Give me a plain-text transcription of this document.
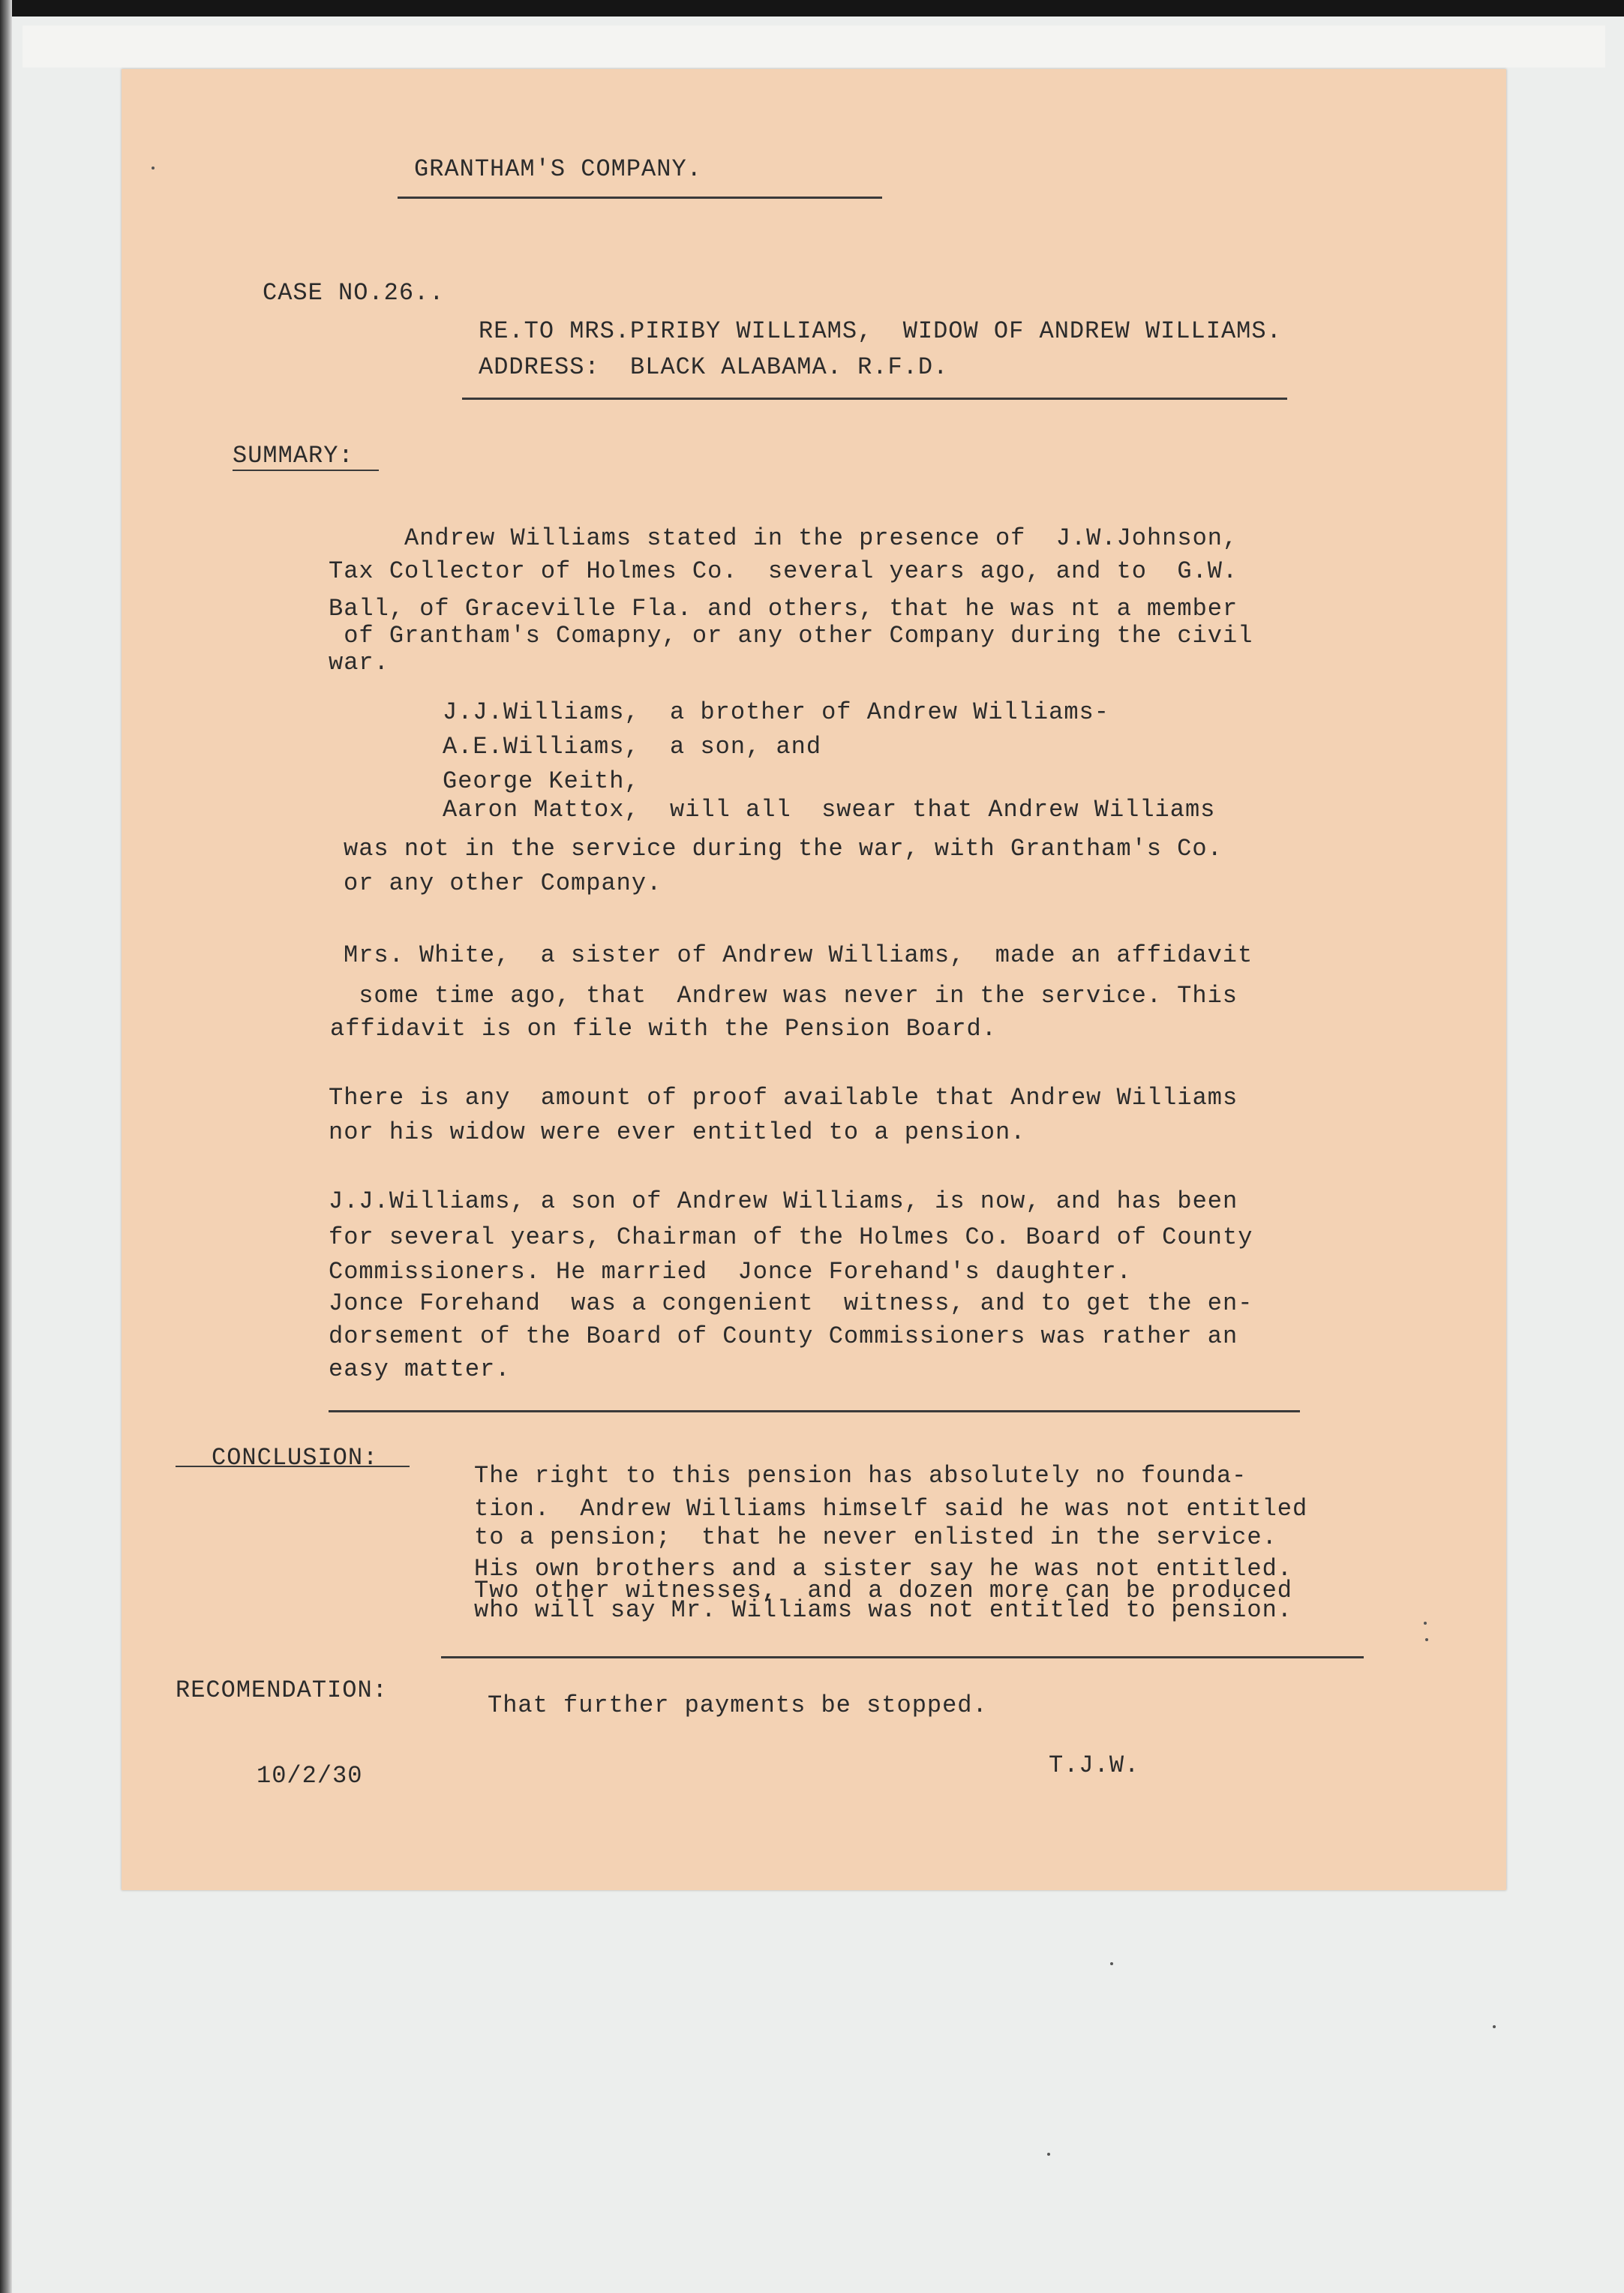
GRANTHAM'S COMPANY.
CASE NO.26..
RE.TO MRS.PIRIBY WILLIAMS,  WIDOW OF ANDREW WILLIAMS.
ADDRESS:  BLACK ALABAMA. R.F.D.
SUMMARY:
Andrew Williams stated in the presence of  J.W.Johnson,
Tax Collector of Holmes Co.  several years ago, and to  G.W.
Ball, of Graceville Fla. and others, that he was nt a member
of Grantham's Comapny, or any other Company during the civil
war.
J.J.Williams,  a brother of Andrew Williams-
A.E.Williams,  a son, and
George Keith,
Aaron Mattox,  will all  swear that Andrew Williams
was not in the service during the war, with Grantham's Co.
or any other Company.
Mrs. White,  a sister of Andrew Williams,  made an affidavit
some time ago, that  Andrew was never in the service. This
affidavit is on file with the Pension Board.
There is any  amount of proof available that Andrew Williams
nor his widow were ever entitled to a pension.
J.J.Williams, a son of Andrew Williams, is now, and has been
for several years, Chairman of the Holmes Co. Board of County
Commissioners. He married  Jonce Forehand's daughter.
Jonce Forehand  was a congenient  witness, and to get the en-
dorsement of the Board of County Commissioners was rather an
easy matter.
CONCLUSION:
The right to this pension has absolutely no founda-
tion.  Andrew Williams himself said he was not entitled
to a pension;  that he never enlisted in the service.
His own brothers and a sister say he was not entitled.
Two other witnesses,  and a dozen more can be produced
who will say Mr. Williams was not entitled to pension.
RECOMENDATION:
That further payments be stopped.
10/2/30	T.J.W.
